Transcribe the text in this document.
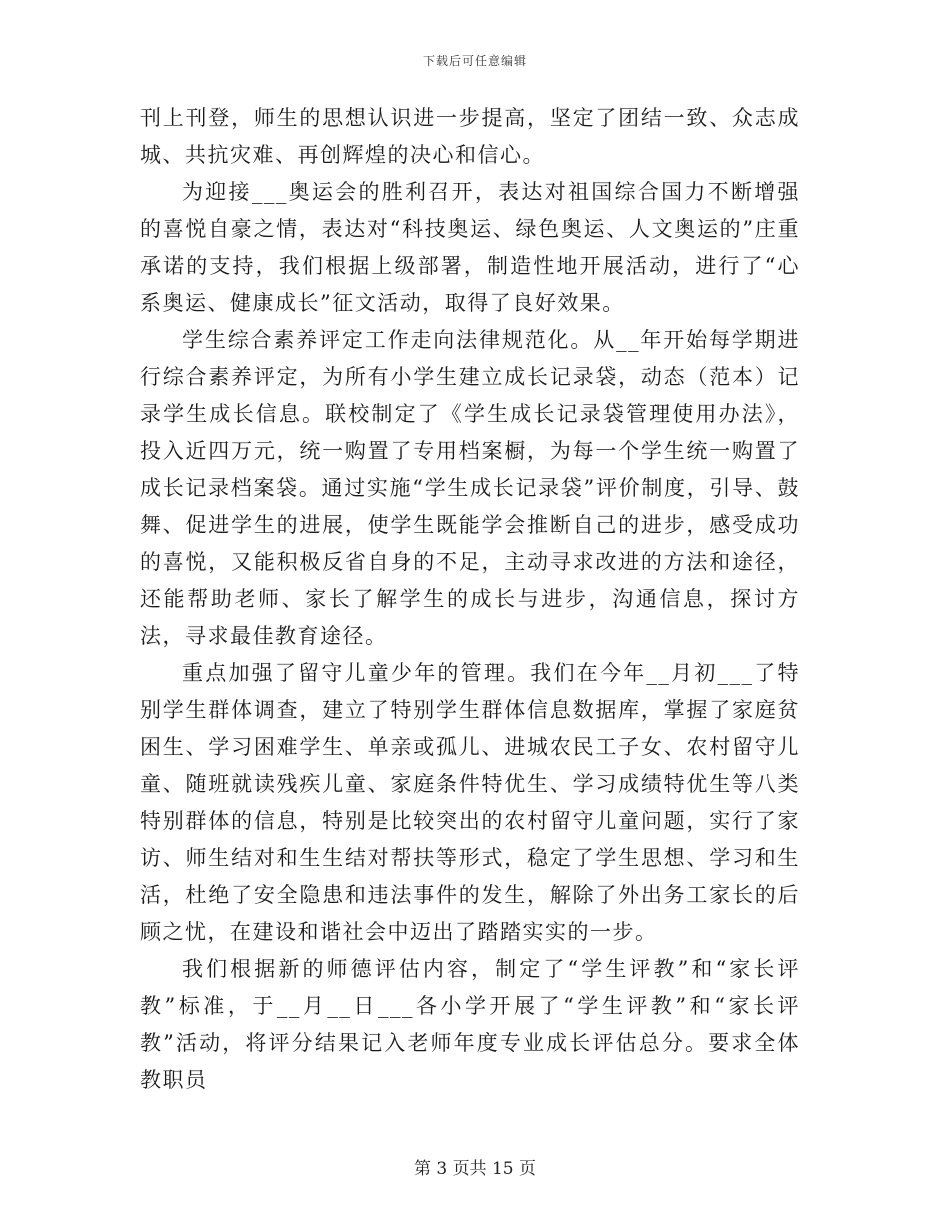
下载后可任意编辑

刊上刊登，师生的思想认识进一步提高，坚定了团结一致、众志成城、共抗灾难、再创辉煌的决心和信心。

为迎接___奥运会的胜利召开，表达对祖国综合国力不断增强的喜悦自豪之情，表达对“科技奥运、绿色奥运、人文奥运的”庄重承诺的支持，我们根据上级部署，制造性地开展活动，进行了“心系奥运、健康成长”征文活动，取得了良好效果。

学生综合素养评定工作走向法律规范化。从__年开始每学期进行综合素养评定，为所有小学生建立成长记录袋，动态（范本）记录学生成长信息。联校制定了《学生成长记录袋管理使用办法》，投入近四万元，统一购置了专用档案橱，为每一个学生统一购置了成长记录档案袋。通过实施“学生成长记录袋”评价制度，引导、鼓舞、促进学生的进展，使学生既能学会推断自己的进步，感受成功的喜悦，又能积极反省自身的不足，主动寻求改进的方法和途径，还能帮助老师、家长了解学生的成长与进步，沟通信息，探讨方法，寻求最佳教育途径。

重点加强了留守儿童少年的管理。我们在今年__月初___了特别学生群体调查，建立了特别学生群体信息数据库，掌握了家庭贫困生、学习困难学生、单亲或孤儿、进城农民工子女、农村留守儿童、随班就读残疾儿童、家庭条件特优生、学习成绩特优生等八类特别群体的信息，特别是比较突出的农村留守儿童问题，实行了家访、师生结对和生生结对帮扶等形式，稳定了学生思想、学习和生活，杜绝了安全隐患和违法事件的发生，解除了外出务工家长的后顾之忧，在建设和谐社会中迈出了踏踏实实的一步。

我们根据新的师德评估内容，制定了“学生评教”和“家长评教”标准，于__月__日___各小学开展了“学生评教”和“家长评教”活动，将评分结果记入老师年度专业成长评估总分。要求全体教职员

第 3 页共 15 页
